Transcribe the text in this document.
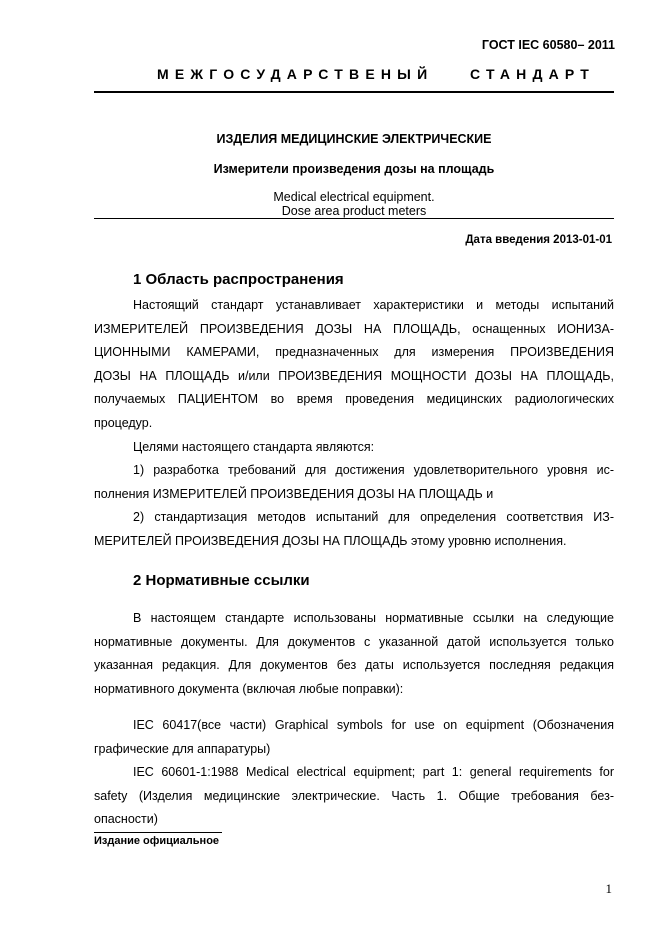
ГОСТ IEC 60580– 2011
МЕЖГОСУДАРСТВЕНЫЙ	СТАНДАРТ
ИЗДЕЛИЯ МЕДИЦИНСКИЕ ЭЛЕКТРИЧЕСКИЕ
Измерители произведения дозы на площадь
Medical electrical equipment.
Dose area product meters
Дата введения 2013-01-01
1 Область распространения

Настоящий стандарт устанавливает характеристики и методы испытаний

ИЗМЕРИТЕЛЕЙ ПРОИЗВЕДЕНИЯ ДОЗЫ НА ПЛОЩАДЬ, оснащенных ИОНИЗА-

ЦИОННЫМИ КАМЕРАМИ, предназначенных для измерения ПРОИЗВЕДЕНИЯ

ДОЗЫ НА ПЛОЩАДЬ и/или ПРОИЗВЕДЕНИЯ МОЩНОСТИ ДОЗЫ НА ПЛОЩАДЬ,

получаемых ПАЦИЕНТОМ во время проведения медицинских радиологических

процедур.

Целями настоящего стандарта являются:

1) разработка требований для достижения удовлетворительного уровня ис-

полнения ИЗМЕРИТЕЛЕЙ ПРОИЗВЕДЕНИЯ ДОЗЫ НА ПЛОЩАДЬ и

2) стандартизация методов испытаний для определения соответствия ИЗ-

МЕРИТЕЛЕЙ ПРОИЗВЕДЕНИЯ ДОЗЫ НА ПЛОЩАДЬ этому уровню исполнения.

2 Нормативные ссылки

В настоящем стандарте использованы нормативные ссылки на следующие

нормативные документы. Для документов с указанной датой используется только

указанная редакция. Для документов без даты используется последняя редакция

нормативного документа (включая любые поправки):

IEC 60417(все части) Graphical symbols for use on equipment (Обозначения

графические для аппаратуры)

IEC 60601-1:1988 Medical electrical equipment; part 1: general requirements for

safety (Изделия медицинские электрические. Часть 1. Общие требования без-

опасности)

Издание официальное
1
